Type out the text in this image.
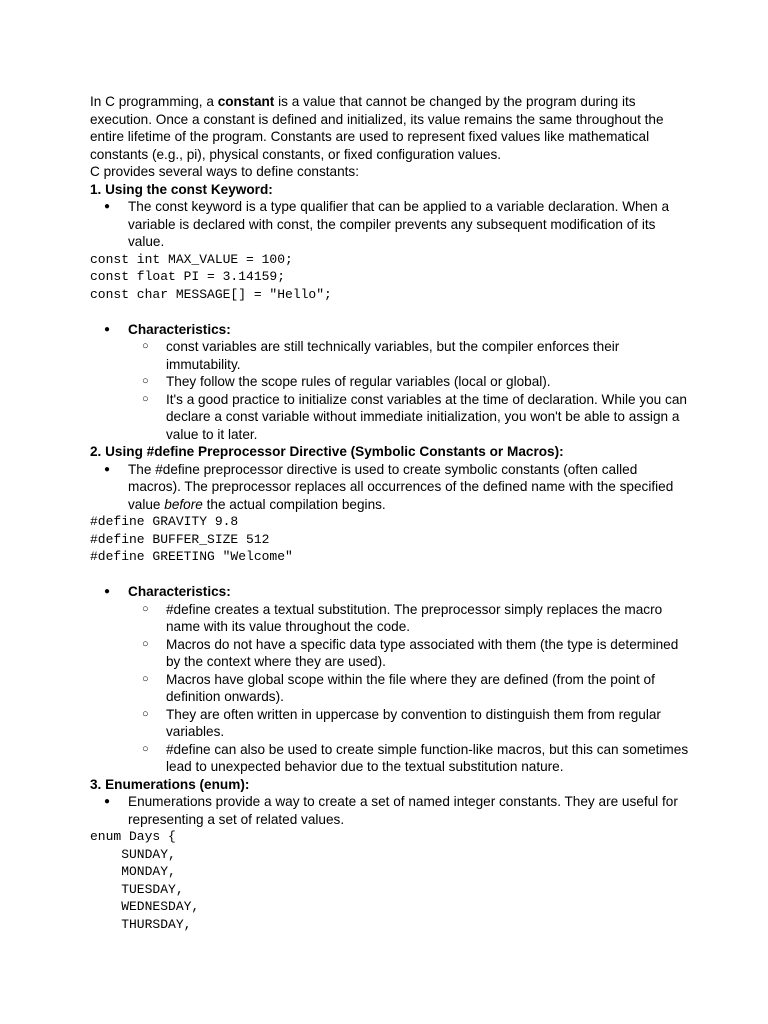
In C programming, a constant is a value that cannot be changed by the program during its execution. Once a constant is defined and initialized, its value remains the same throughout the entire lifetime of the program. Constants are used to represent fixed values like mathematical constants (e.g., pi), physical constants, or fixed configuration values.

C provides several ways to define constants:

1. Using the const Keyword:

● The const keyword is a type qualifier that can be applied to a variable declaration. When a variable is declared with const, the compiler prevents any subsequent modification of its value.
const int MAX_VALUE = 100;
const float PI = 3.14159;
const char MESSAGE[] = "Hello";
● Characteristics:
○ const variables are still technically variables, but the compiler enforces their immutability.
○ They follow the scope rules of regular variables (local or global).
○ It's a good practice to initialize const variables at the time of declaration. While you can declare a const variable without immediate initialization, you won't be able to assign a value to it later.

2. Using #define Preprocessor Directive (Symbolic Constants or Macros):

● The #define preprocessor directive is used to create symbolic constants (often called macros). The preprocessor replaces all occurrences of the defined name with the specified value before the actual compilation begins.
#define GRAVITY 9.8
#define BUFFER_SIZE 512
#define GREETING "Welcome"
● Characteristics:
○ #define creates a textual substitution. The preprocessor simply replaces the macro name with its value throughout the code.
○ Macros do not have a specific data type associated with them (the type is determined by the context where they are used).
○ Macros have global scope within the file where they are defined (from the point of definition onwards).
○ They are often written in uppercase by convention to distinguish them from regular variables.
○ #define can also be used to create simple function-like macros, but this can sometimes lead to unexpected behavior due to the textual substitution nature.

3. Enumerations (enum):

● Enumerations provide a way to create a set of named integer constants. They are useful for representing a set of related values.
enum Days {
SUNDAY,
MONDAY,
TUESDAY,
WEDNESDAY,
THURSDAY,
